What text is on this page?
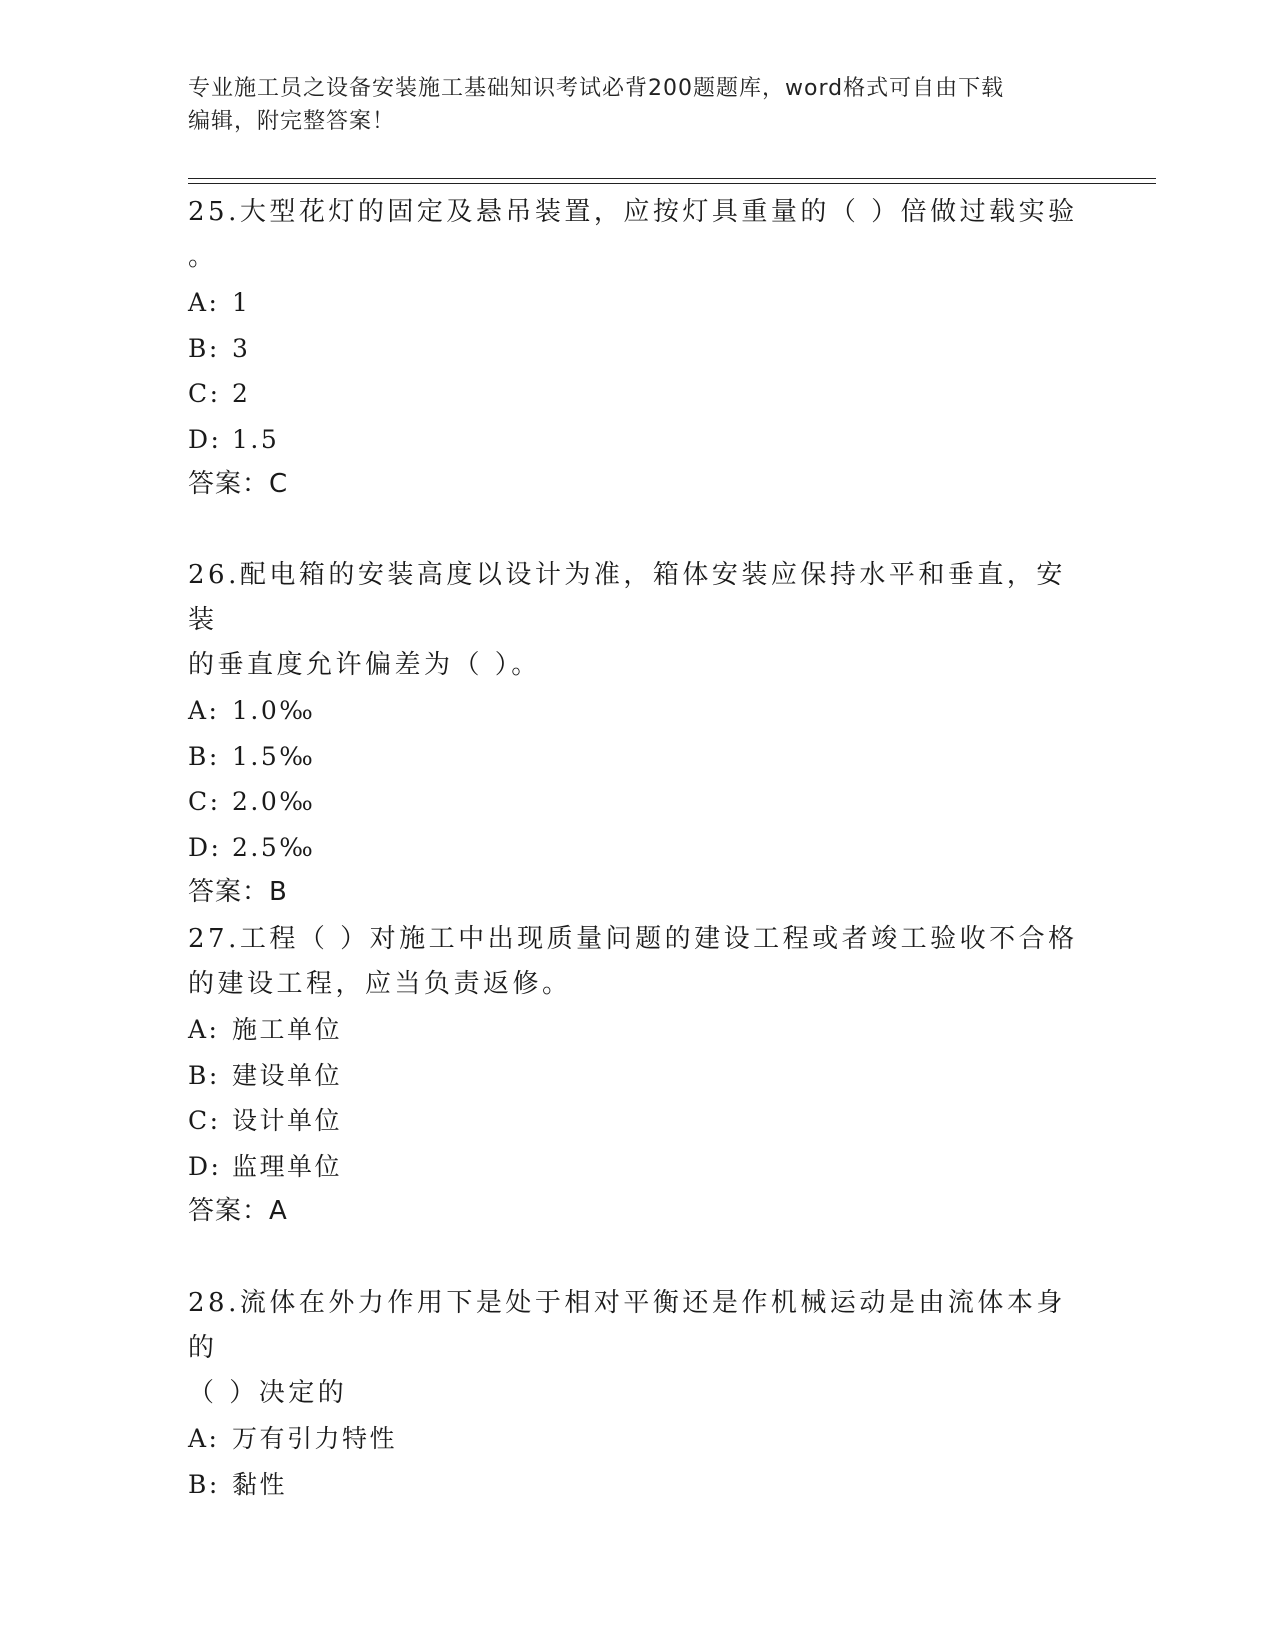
专业施工员之设备安装施工基础知识考试必背200题题库，word格式可自由下载
编辑，附完整答案！

25.大型花灯的固定及悬吊装置，应按灯具重量的（ ）倍做过载实验

。

A: 1

B: 3

C: 2

D: 1.5

答案：C

26.配电箱的安装高度以设计为准，箱体安装应保持水平和垂直，安装

的垂直度允许偏差为（ ）。

A: 1.0‰

B: 1.5‰

C: 2.0‰

D: 2.5‰

答案：B

27.工程（ ）对施工中出现质量问题的建设工程或者竣工验收不合格

的建设工程，应当负责返修。

A: 施工单位

B: 建设单位

C: 设计单位

D: 监理单位

答案：A

28.流体在外力作用下是处于相对平衡还是作机械运动是由流体本身的

（ ）决定的

A: 万有引力特性

B: 黏性
